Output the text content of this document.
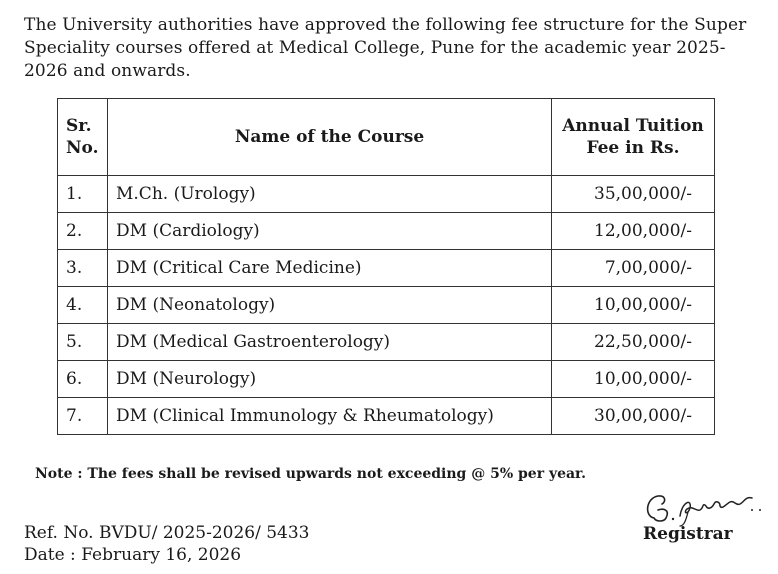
The University authorities have approved the following fee structure for the Super Speciality courses offered at Medical College, Pune for the academic year 2025-2026 and onwards.
Sr. No.	Name of the Course	Annual Tuition Fee in Rs.
1.	M.Ch. (Urology)	35,00,000/-
2.	DM (Cardiology)	12,00,000/-
3.	DM (Critical Care Medicine)	7,00,000/-
4.	DM (Neonatology)	10,00,000/-
5.	DM (Medical Gastroenterology)	22,50,000/-
6.	DM (Neurology)	10,00,000/-
7.	DM (Clinical Immunology & Rheumatology)	30,00,000/-
Note : The fees shall be revised upwards not exceeding @ 5% per year.
Ref. No. BVDU/ 2025-2026/ 5433
Date : February 16, 2026
Registrar
